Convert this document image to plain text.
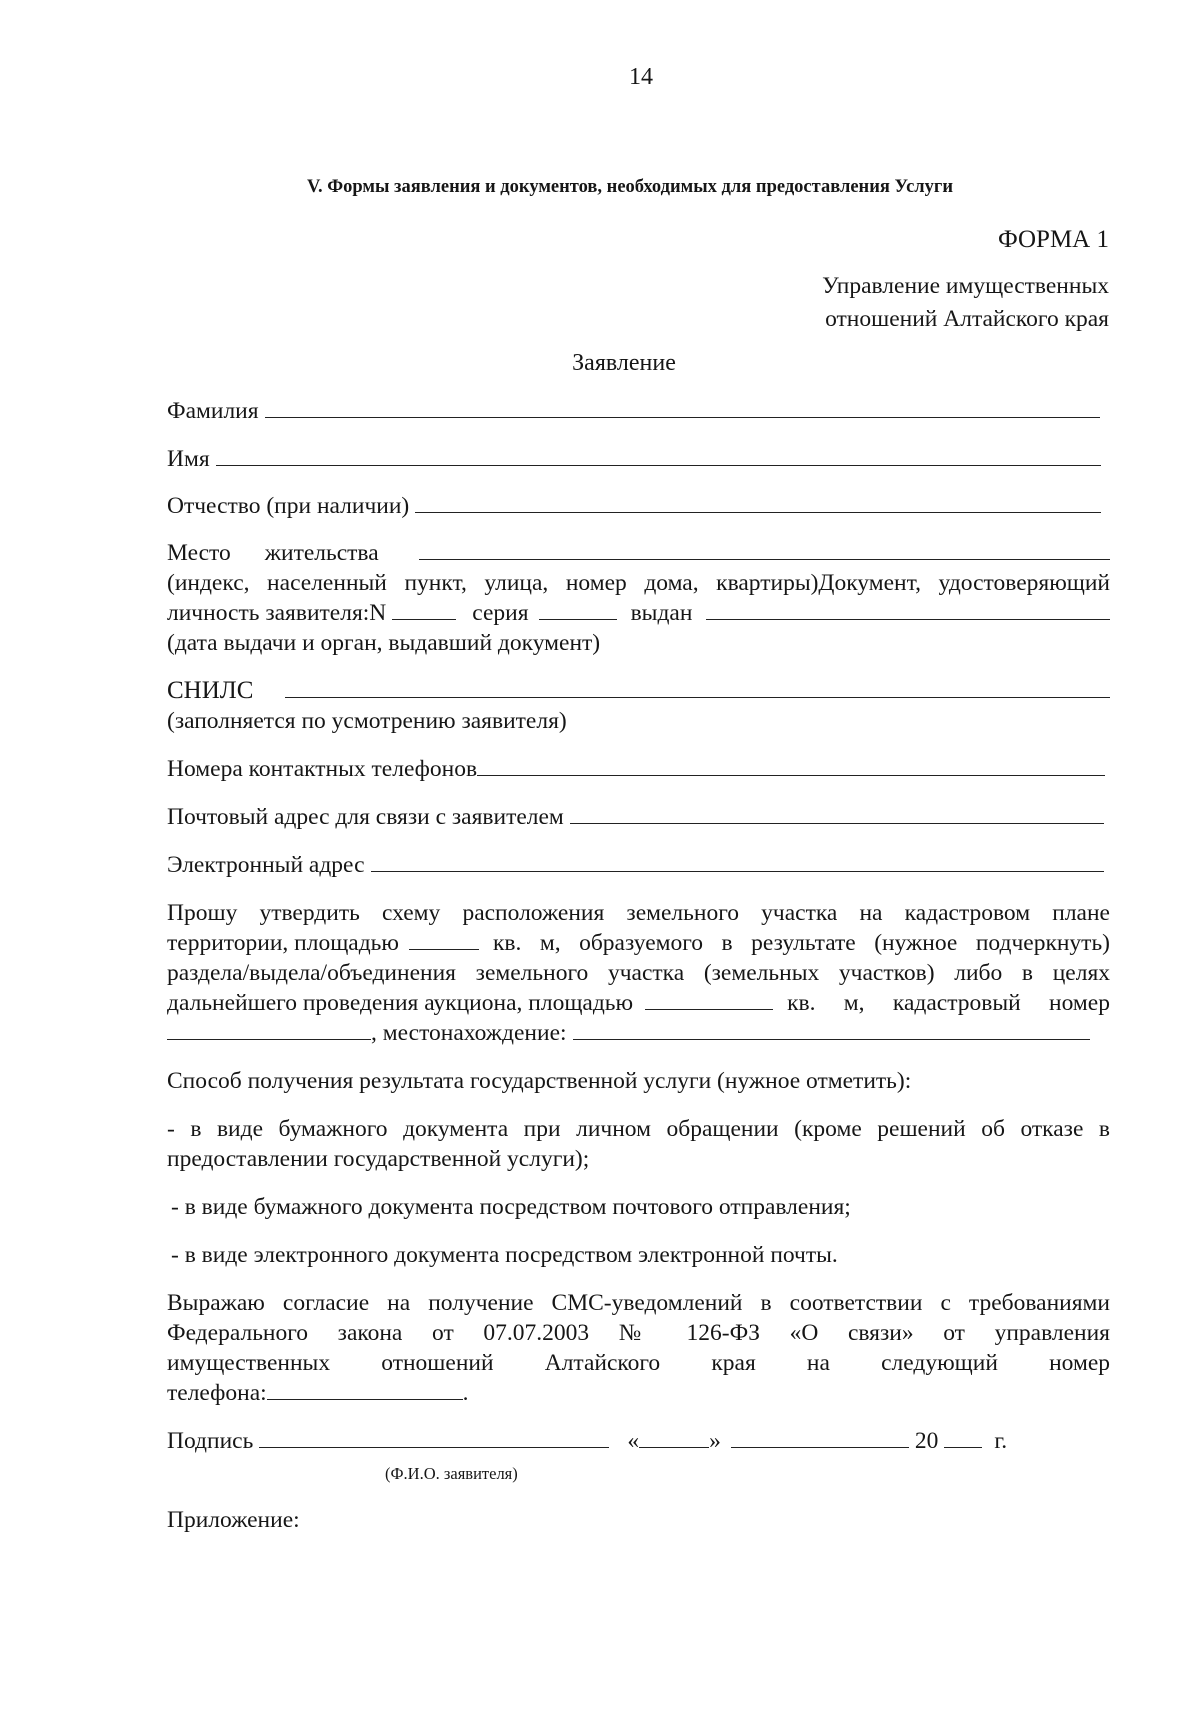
14
V. Формы заявления и документов, необходимых для предоставления Услуги
ФОРМА 1
Управление имущественных
отношений Алтайского края
Заявление
Фамилия
Имя
Отчество (при наличии)
Место жительства
(индекс, населенный пункт, улица, номер дома, квартиры)Документ, удостоверяющий
личность заявителя:N	серия	выдан
(дата выдачи и орган, выдавший документ)
СНИЛС
(заполняется по усмотрению заявителя)
Номера контактных телефонов
Почтовый адрес для связи с заявителем
Электронный адрес
Прошу утвердить схему расположения земельного участка на кадастровом плане
территории, площадью	кв. м, образуемого в результате (нужное подчеркнуть)
раздела/выдела/объединения земельного участка (земельных участков) либо в целях
дальнейшего проведения аукциона, площадью	кв. м, кадастровый номер
, местонахождение:
Способ получения результата государственной услуги (нужное отметить):
- в виде бумажного документа при личном обращении (кроме решений об отказе в
предоставлении государственной услуги);
- в виде бумажного документа посредством почтового отправления;
- в виде электронного документа посредством электронной почты.
Выражаю согласие на получение СМС-уведомлений в соответствии с требованиями
Федерального закона от 07.07.2003 № 126-ФЗ «О связи» от управления
имущественных отношений Алтайского края на следующий номер
телефона:	.
Подпись	«	»	20 г.
(Ф.И.О. заявителя)
Приложение:
